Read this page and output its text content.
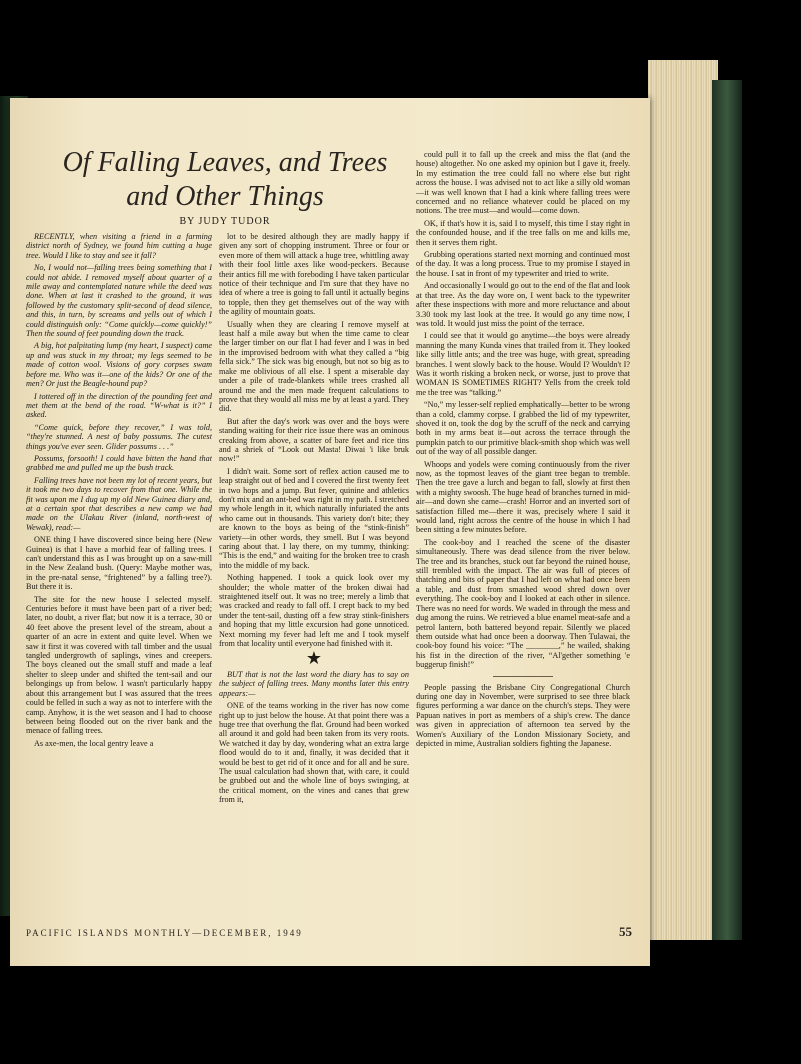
Of Falling Leaves, and Trees and Other Things
BY JUDY TUDOR

RECENTLY, when visiting a friend in a farming district north of Sydney, we found him cutting a huge tree. Would I like to stay and see it fall?

No, I would not—falling trees being something that I could not abide. I removed myself about quarter of a mile away and contemplated nature while the deed was done. When at last it crashed to the ground, it was followed by the customary split-second of dead silence, and this, in turn, by screams and yells out of which I could distinguish only: “Come quickly—come quickly!” Then the sound of feet pounding down the track.

A big, hot palpitating lump (my heart, I suspect) came up and was stuck in my throat; my legs seemed to be made of cotton wool. Visions of gory corpses swam before me. Who was it—one of the kids? Or one of the men? Or just the Beagle-hound pup?

I tottered off in the direction of the pounding feet and met them at the bend of the road. “W-what is it?” I asked.

“Come quick, before they recover,” I was told, “they're stunned. A nest of baby possums. The cutest things you've ever seen. Glider possums . . .”

Possums, forsooth! I could have bitten the hand that grabbed me and pulled me up the bush track.

Falling trees have not been my lot of recent years, but it took me two days to recover from that one. While the fit was upon me I dug up my old New Guinea diary and, at a certain spot that describes a new camp we had made on the Ulakau River (inland, north-west of Wewak), read:—

ONE thing I have discovered since being here (New Guinea) is that I have a morbid fear of falling trees. I can't understand this as I was brought up on a saw-mill in the New Zealand bush. (Query: Maybe mother was, in the pre-natal sense, “frightened” by a falling tree?). But there it is.

The site for the new house I selected myself. Centuries before it must have been part of a river bed; later, no doubt, a river flat; but now it is a terrace, 30 or 40 feet above the present level of the stream, about a quarter of an acre in extent and quite level. When we saw it first it was covered with tall timber and the usual tangled undergrowth of saplings, vines and creepers. The boys cleaned out the small stuff and made a leaf shelter to sleep under and shifted the tent-sail and our belongings up from below. I wasn't particularly happy about this arrangement but I was assured that the trees could be felled in such a way as not to interfere with the camp. Anyhow, it is the wet season and I had to choose between being flooded out on the river bank and the menace of falling trees.

As axe-men, the local gentry leave a

lot to be desired although they are madly happy if given any sort of chopping instrument. Three or four or even more of them will attack a huge tree, whittling away with their fool little axes like wood-peckers. Because their antics fill me with foreboding I have taken particular notice of their technique and I'm sure that they have no idea of where a tree is going to fall until it actually begins to topple, then they get themselves out of the way with the agility of mountain goats.

Usually when they are clearing I remove myself at least half a mile away but when the time came to clear the larger timber on our flat I had fever and I was in bed in the improvised bedroom with what they called a “big fella sick.” The sick was big enough, but not so big as to make me oblivious of all else. I spent a miserable day under a pile of trade-blankets while trees crashed all around me and the men made frequent calculations to prove that they would all miss me by at least a yard. They did.

But after the day's work was over and the boys were standing waiting for their rice issue there was an ominous creaking from above, a scatter of bare feet and rice tins and a shriek of “Look out Masta! Diwai 'i like bruk now!”

I didn't wait. Some sort of reflex action caused me to leap straight out of bed and I covered the first twenty feet in two hops and a jump. But fever, quinine and athletics don't mix and an ant-bed was right in my path. I stretched my whole length in it, which naturally infuriated the ants who came out in thousands. This variety don't bite; they are known to the boys as being of the “stink-finish” variety—in other words, they smell. But I was beyond caring about that. I lay there, on my tummy, thinking: “This is the end,” and waiting for the broken tree to crash into the middle of my back.

Nothing happened. I took a quick look over my shoulder; the whole matter of the broken diwai had straightened itself out. It was no tree; merely a limb that was cracked and ready to fall off. I crept back to my bed under the tent-sail, dusting off a few stray stink-finishers and hoping that my little excursion had gone unnoticed. Next morning my fever had left me and I took myself from that locality until everyone had finished with it.

★

BUT that is not the last word the diary has to say on the subject of falling trees. Many months later this entry appears:—

ONE of the teams working in the river has now come right up to just below the house. At that point there was a huge tree that overhung the flat. Ground had been worked all around it and gold had been taken from its very roots. We watched it day by day, wondering what an extra large flood would do to it and, finally, it was decided that it would be best to get rid of it once and for all and be sure. The usual calculation had shown that, with care, it could be grubbed out and the whole line of boys swinging, at the critical moment, on the vines and canes that grew from it,

could pull it to fall up the creek and miss the flat (and the house) altogether. No one asked my opinion but I gave it, freely. In my estimation the tree could fall no where else but right across the house. I was advised not to act like a silly old woman—it was well known that I had a kink where falling trees were concerned and no reliance whatever could be placed on my notions. The tree must—and would—come down.

OK, if that's how it is, said I to myself, this time I stay right in the confounded house, and if the tree falls on me and kills me, then it serves them right.

Grubbing operations started next morning and continued most of the day. It was a long process. True to my promise I stayed in the house. I sat in front of my typewriter and tried to write.

And occasionally I would go out to the end of the flat and look at that tree. As the day wore on, I went back to the typewriter after these inspections with more and more reluctance and about 3.30 took my last look at the tree. It would go any time now, I was told. It would just miss the point of the terrace.

I could see that it would go anytime—the boys were already manning the many Kunda vines that trailed from it. They looked like silly little ants; and the tree was huge, with great, spreading branches. I went slowly back to the house. Would I? Wouldn't I? Was it worth risking a broken neck, or worse, just to prove that WOMAN IS SOMETIMES RIGHT? Yells from the creek told me the tree was “talking.”

“No,” my lesser-self replied emphatically—better to be wrong than a cold, clammy corpse. I grabbed the lid of my typewriter, shoved it on, took the dog by the scruff of the neck and carrying both in my arms beat it—out across the terrace through the pumpkin patch to our primitive black-smith shop which was well out of the way of all possible danger.

Whoops and yodels were coming continuously from the river now, as the topmost leaves of the giant tree began to tremble. Then the tree gave a lurch and began to fall, slowly at first then with a mighty swoosh. The huge head of branches turned in mid-air—and down she came—crash! Horror and an inverted sort of satisfaction filled me—there it was, precisely where I said it would land, right across the centre of the house in which I had been sitting a few minutes before.

The cook-boy and I reached the scene of the disaster simultaneously. There was dead silence from the river below. The tree and its branches, stuck out far beyond the ruined house, still trembled with the impact. The air was full of pieces of thatching and bits of paper that I had left on what had once been a table, and dust from smashed wood shred down over everything. The cook-boy and I looked at each other in silence. There was no need for words. We waded in through the mess and dug among the ruins. We retrieved a blue enamel meat-safe and a petrol lantern, both battered beyond repair. Silently we placed them outside what had once been a doorway. Then Tulawai, the cook-boy found his voice: “The ________,” he wailed, shaking his fist in the direction of the river, “Al'gether something 'e buggerup finish!”

People passing the Brisbane City Congregational Church during one day in November, were surprised to see three black figures performing a war dance on the church's steps. They were Papuan natives in port as members of a ship's crew. The dance was given in appreciation of afternoon tea served by the Women's Auxiliary of the London Missionary Society, and depicted in mime, Australian soldiers fighting the Japanese.

PACIFIC ISLANDS MONTHLY—DECEMBER, 1949	55
